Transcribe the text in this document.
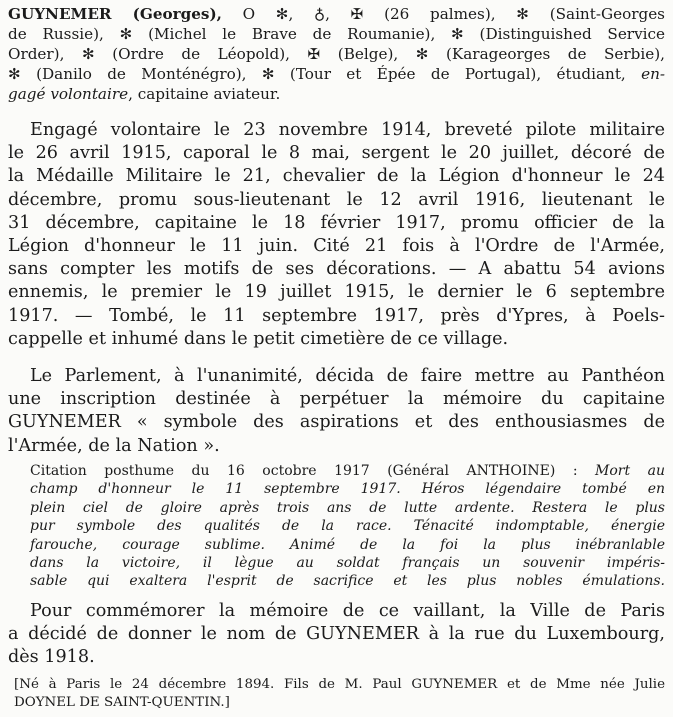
GUYNEMER (Georges), O ✻, ♁, ✠ (26 palmes), ✻ (Saint-Georges
de Russie), ✻ (Michel le Brave de Roumanie), ✻ (Distinguished Service
Order), ✻ (Ordre de Léopold), ✠ (Belge), ✻ (Karageorges de Serbie),
✻ (Danilo de Monténégro), ✻ (Tour et Épée de Portugal), étudiant, en-
gagé volontaire, capitaine aviateur.
Engagé volontaire le 23 novembre 1914, breveté pilote militaire
le 26 avril 1915, caporal le 8 mai, sergent le 20 juillet, décoré de
la Médaille Militaire le 21, chevalier de la Légion d'honneur le 24
décembre, promu sous-lieutenant le 12 avril 1916, lieutenant le
31 décembre, capitaine le 18 février 1917, promu officier de la
Légion d'honneur le 11 juin. Cité 21 fois à l'Ordre de l'Armée,
sans compter les motifs de ses décorations. — A abattu 54 avions
ennemis, le premier le 19 juillet 1915, le dernier le 6 septembre
1917. — Tombé, le 11 septembre 1917, près d'Ypres, à Poels-
cappelle et inhumé dans le petit cimetière de ce village.
Le Parlement, à l'unanimité, décida de faire mettre au Panthéon
une inscription destinée à perpétuer la mémoire du capitaine
GUYNEMER « symbole des aspirations et des enthousiasmes de
l'Armée, de la Nation ».
Citation posthume du 16 octobre 1917 (Général ANTHOINE) : Mort au
champ d'honneur le 11 septembre 1917. Héros légendaire tombé en
plein ciel de gloire après trois ans de lutte ardente. Restera le plus
pur symbole des qualités de la race. Ténacité indomptable, énergie
farouche, courage sublime. Animé de la foi la plus inébranlable
dans la victoire, il lègue au soldat français un souvenir impéris-
sable qui exaltera l'esprit de sacrifice et les plus nobles émulations.
Pour commémorer la mémoire de ce vaillant, la Ville de Paris
a décidé de donner le nom de GUYNEMER à la rue du Luxembourg,
dès 1918.
[Né à Paris le 24 décembre 1894. Fils de M. Paul GUYNEMER et de Mme née Julie
DOYNEL DE SAINT-QUENTIN.]
